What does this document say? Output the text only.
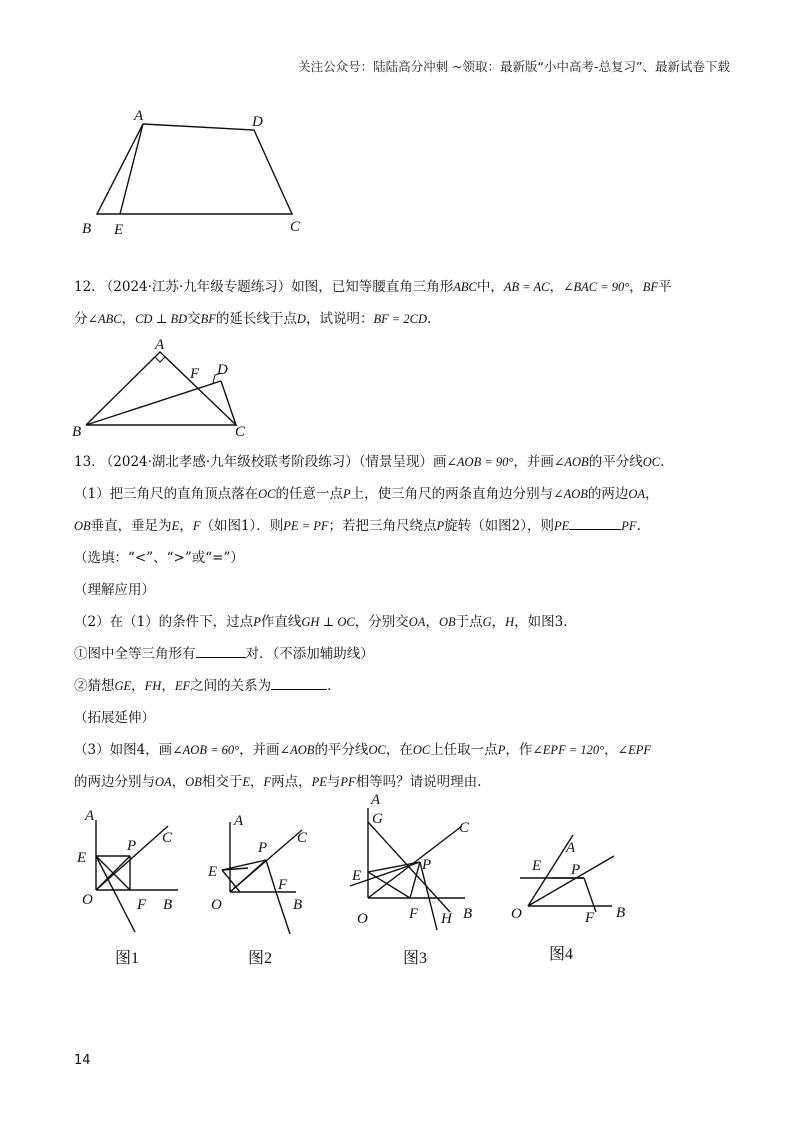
关注公众号：陆陆高分冲刺 ~领取：最新版“小中高考-总复习”、最新试卷下载
A	D
B E	C
12. （2024·江苏·九年级专题练习）如图，已知等腰直角三角形ABC中，AB = AC，∠BAC = 90°，BF平
分∠ABC，CD ⊥ BD交BF的延长线于点D，试说明：BF = 2CD.
A
F D
B	C
13. （2024·湖北孝感·九年级校联考阶段练习）（情景呈现）画∠AOB = 90°，并画∠AOB的平分线OC.
（1）把三角尺的直角顶点落在OC的任意一点P上，使三角尺的两条直角边分别与∠AOB的两边OA，
OB垂直，垂足为E，F（如图1）．则PE = PF；若把三角尺绕点P旋转（如图2），则PE	PF.
（选填：“<”、“>”或“=”）
（理解应用）
（2）在（1）的条件下，过点P作直线GH ⊥ OC，分别交OA，OB于点G，H，如图3.
①图中全等三角形有	对．（不添加辅助线）
②猜想GE，FH，EF之间的关系为	.
（拓展延伸）
（3）如图4，画∠AOB = 60°，并画∠AOB的平分线OC，在OC上任取一点P，作∠EPF = 120°，∠EPF
的两边分别与OA，OB相交于E，F两点，PE与PF相等吗？请说明理由.
A
C
P
E
O	F B
图1
A
C
P
E
F
O	B
图2
A
G
C
P
E
O	F H B
图3
A
E P
O	F B
图4
14
